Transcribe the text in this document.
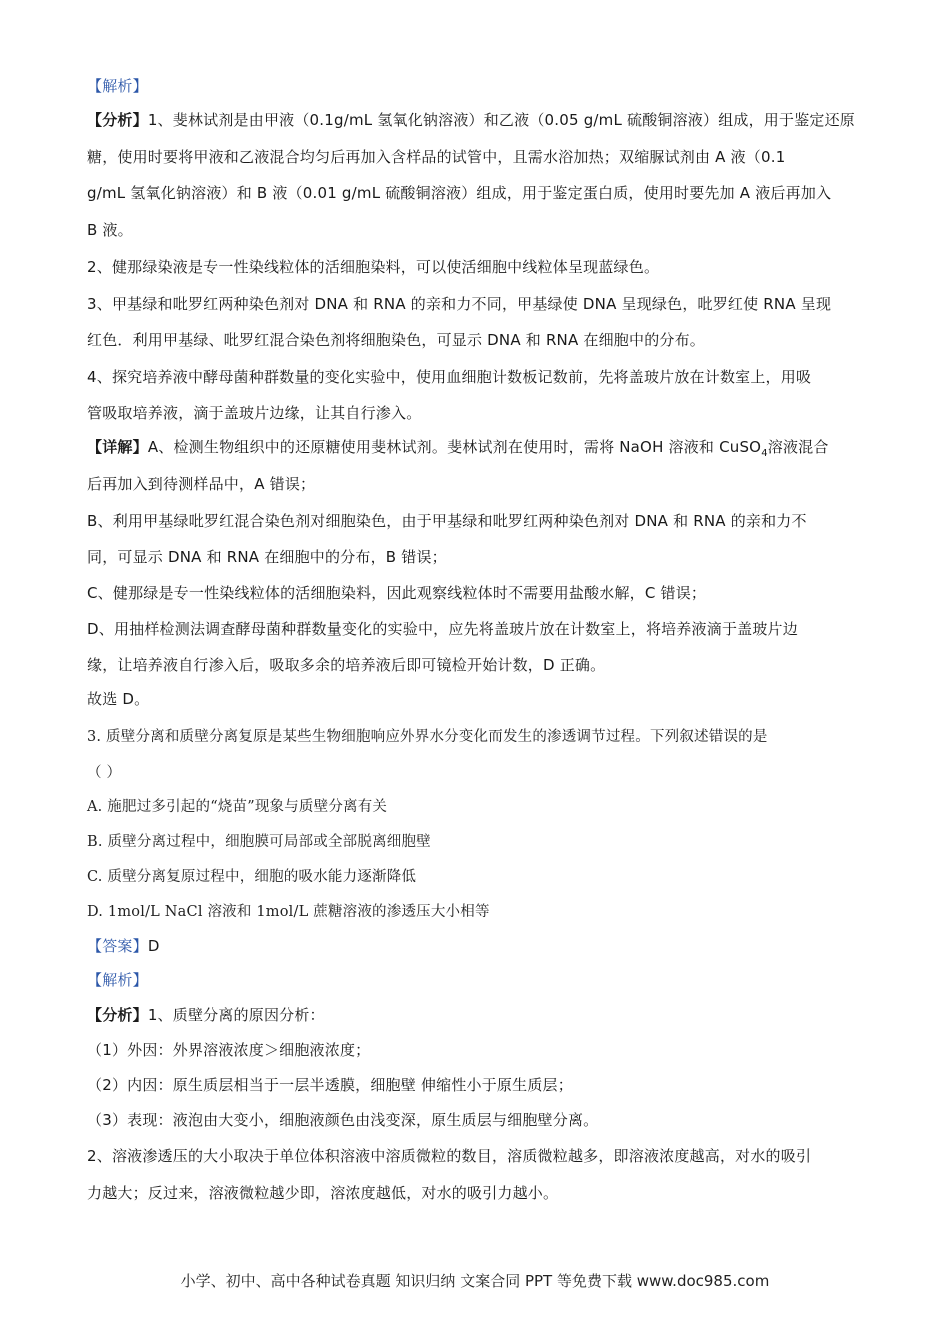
【解析】

【分析】1、斐林试剂是由甲液（0.1g/mL 氢氧化钠溶液）和乙液（0.05 g/mL 硫酸铜溶液）组成，用于鉴定还原

糖，使用时要将甲液和乙液混合均匀后再加入含样品的试管中，且需水浴加热；双缩脲试剂由 A 液（0.1

g/mL 氢氧化钠溶液）和 B 液（0.01 g/mL 硫酸铜溶液）组成，用于鉴定蛋白质，使用时要先加 A 液后再加入

B 液。

2、健那绿染液是专一性染线粒体的活细胞染料，可以使活细胞中线粒体呈现蓝绿色。

3、甲基绿和吡罗红两种染色剂对 DNA 和 RNA 的亲和力不同，甲基绿使 DNA 呈现绿色，吡罗红使 RNA 呈现

红色．利用甲基绿、吡罗红混合染色剂将细胞染色，可显示 DNA 和 RNA 在细胞中的分布。

4、探究培养液中酵母菌种群数量的变化实验中，使用血细胞计数板记数前，先将盖玻片放在计数室上，用吸

管吸取培养液，滴于盖玻片边缘，让其自行渗入。

【详解】A、检测生物组织中的还原糖使用斐林试剂。斐林试剂在使用时，需将 NaOH 溶液和 CuSO$_4$溶液混合

后再加入到待测样品中，A 错误；

B、利用甲基绿吡罗红混合染色剂对细胞染色，由于甲基绿和吡罗红两种染色剂对 DNA 和 RNA 的亲和力不

同，可显示 DNA 和 RNA 在细胞中的分布，B 错误；

C、健那绿是专一性染线粒体的活细胞染料，因此观察线粒体时不需要用盐酸水解，C 错误；

D、用抽样检测法调查酵母菌种群数量变化的实验中，应先将盖玻片放在计数室上，将培养液滴于盖玻片边

缘，让培养液自行渗入后，吸取多余的培养液后即可镜检开始计数，D 正确。

故选 D。

3. 质壁分离和质壁分离复原是某些生物细胞响应外界水分变化而发生的渗透调节过程。下列叙述错误的是

（ ）

A. 施肥过多引起的“烧苗”现象与质壁分离有关

B. 质壁分离过程中，细胞膜可局部或全部脱离细胞壁

C. 质壁分离复原过程中，细胞的吸水能力逐渐降低

D. 1mol/L NaCl 溶液和 1mol/L 蔗糖溶液的渗透压大小相等

【答案】D

【解析】

【分析】1、质壁分离的原因分析：

（1）外因：外界溶液浓度＞细胞液浓度；

（2）内因：原生质层相当于一层半透膜，细胞壁 伸缩性小于原生质层；

（3）表现：液泡由大变小，细胞液颜色由浅变深，原生质层与细胞壁分离。

2、溶液渗透压的大小取决于单位体积溶液中溶质微粒的数目，溶质微粒越多，即溶液浓度越高，对水的吸引

力越大；反过来，溶液微粒越少即，溶浓度越低，对水的吸引力越小。

小学、初中、高中各种试卷真题 知识归纳 文案合同 PPT 等免费下载 www.doc985.com
